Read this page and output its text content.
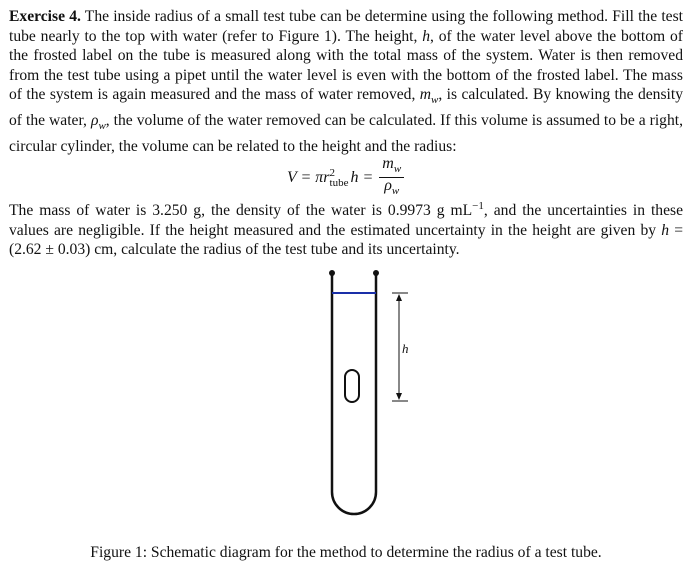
Exercise 4. The inside radius of a small test tube can be determine using the following method. Fill the test tube nearly to the top with water (refer to Figure 1). The height, h, of the water level above the bottom of the frosted label on the tube is measured along with the total mass of the system. Water is then removed from the test tube using a pipet until the water level is even with the bottom of the frosted label. The mass of the system is again measured and the mass of water removed, $m_w$, is calculated. By knowing the density of the water, $\rho_w$, the volume of the water removed can be calculated. If this volume is assumed to be a right, circular cylinder, the volume can be related to the height and the radius:
V = πr 2
tube $h = \frac{m_w}{\rho_w}$
The mass of water is 3.250 g, the density of the water is 0.9973 g $mL^{-1}$, and the uncertainties in these values are negligible. If the height measured and the estimated uncertainty in the height are given by h = (2.62 ± 0.03) cm, calculate the radius of the test tube and its uncertainty.
h
Figure 1: Schematic diagram for the method to determine the radius of a test tube.
